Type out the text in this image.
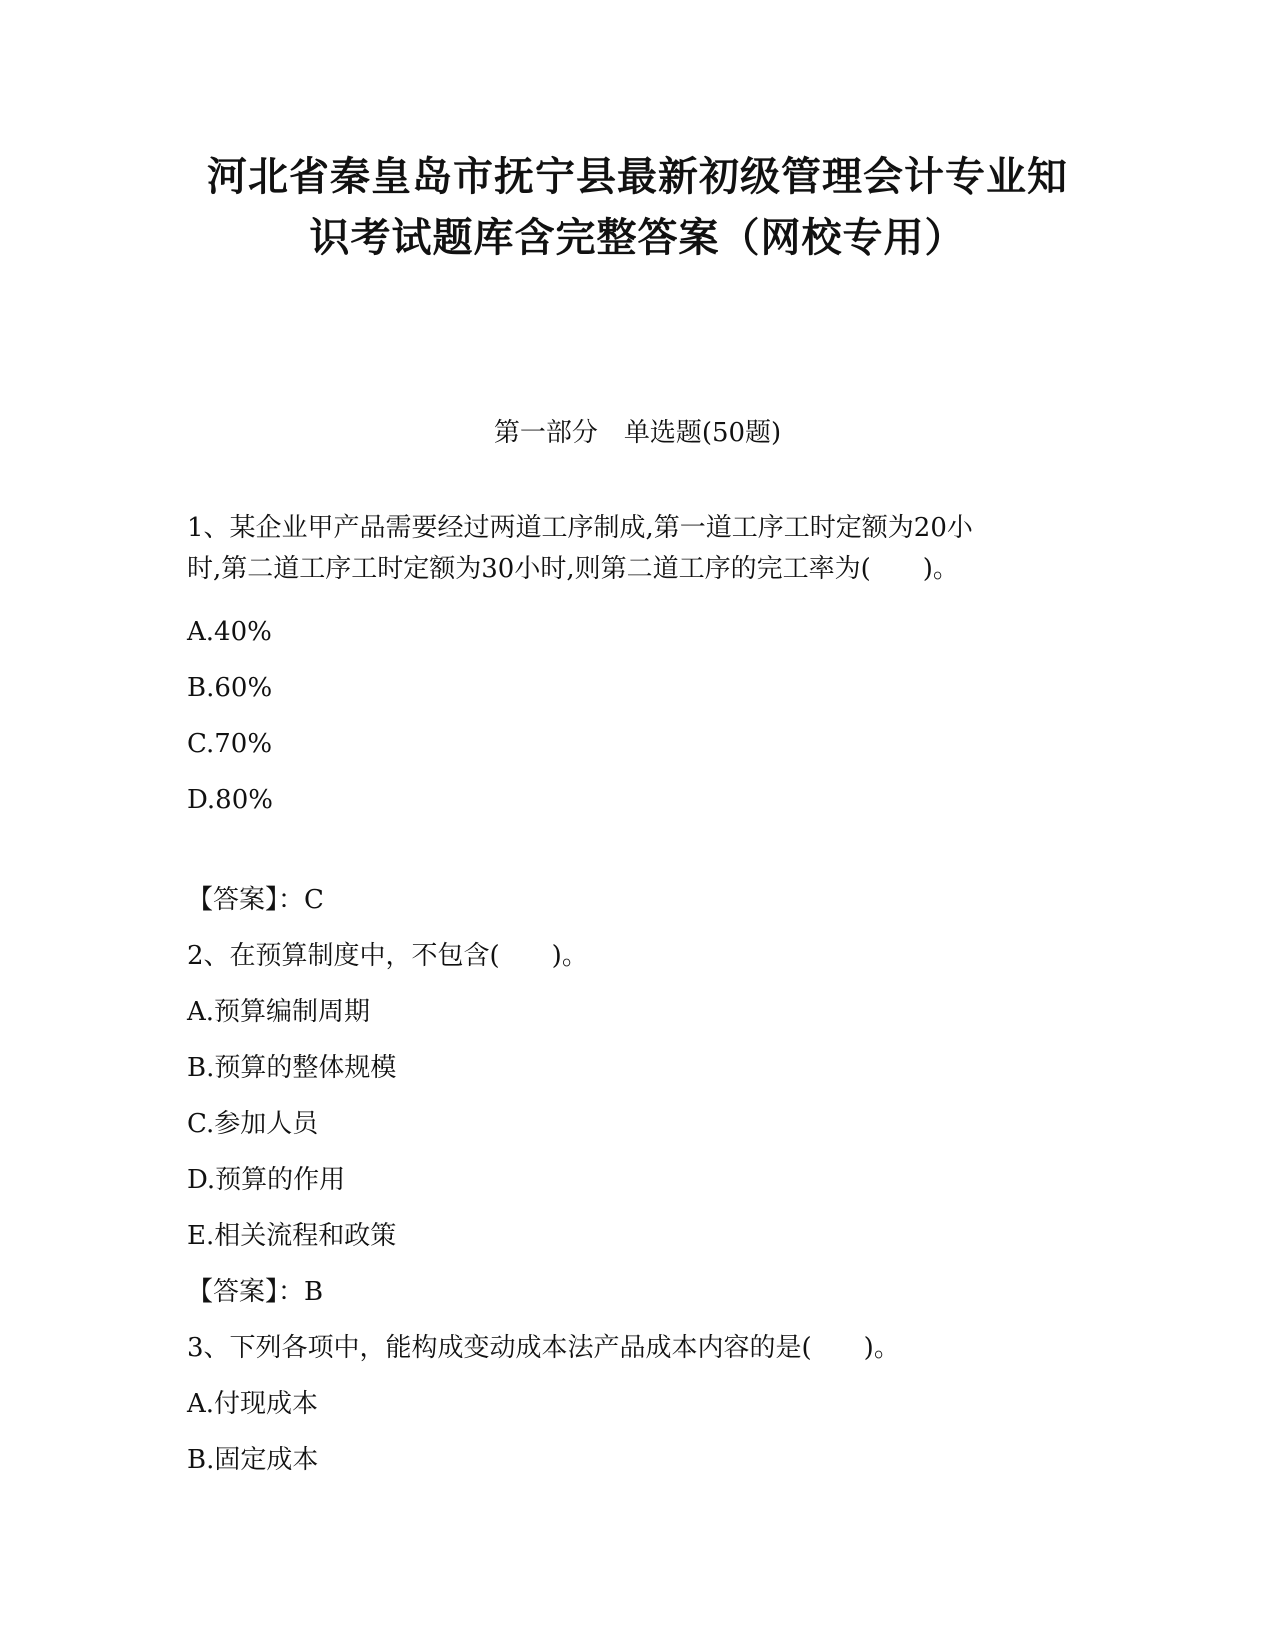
河北省秦皇岛市抚宁县最新初级管理会计专业知
识考试题库含完整答案（网校专用）
第一部分　单选题(50题)
1、某企业甲产品需要经过两道工序制成,第一道工序工时定额为20小
时,第二道工序工时定额为30小时,则第二道工序的完工率为(　　)。
A.40%
B.60%
C.70%
D.80%
【答案】：C
2、在预算制度中，不包含(　　)。
A.预算编制周期
B.预算的整体规模
C.参加人员
D.预算的作用
E.相关流程和政策
【答案】：B
3、下列各项中，能构成变动成本法产品成本内容的是(　　)。
A.付现成本
B.固定成本
